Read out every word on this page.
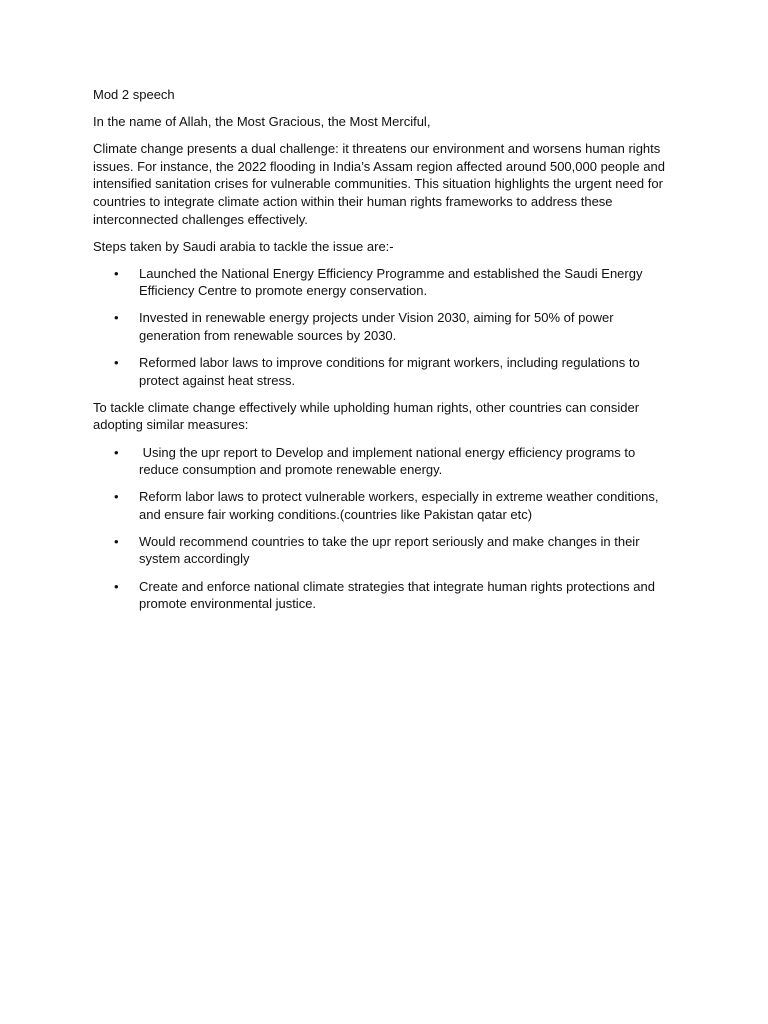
Mod 2 speech

In the name of Allah, the Most Gracious, the Most Merciful,

Climate change presents a dual challenge: it threatens our environment and worsens human rights issues. For instance, the 2022 flooding in India’s Assam region affected around 500,000 people and intensified sanitation crises for vulnerable communities. This situation highlights the urgent need for countries to integrate climate action within their human rights frameworks to address these interconnected challenges effectively.

Steps taken by Saudi arabia to tackle the issue are:-

• Launched the National Energy Efficiency Programme and established the Saudi Energy Efficiency Centre to promote energy conservation.
• Invested in renewable energy projects under Vision 2030, aiming for 50% of power generation from renewable sources by 2030.
• Reformed labor laws to improve conditions for migrant workers, including regulations to protect against heat stress.

To tackle climate change effectively while upholding human rights, other countries can consider adopting similar measures:

• Using the upr report to Develop and implement national energy efficiency programs to reduce consumption and promote renewable energy.
• Reform labor laws to protect vulnerable workers, especially in extreme weather conditions, and ensure fair working conditions.(countries like Pakistan qatar etc)
• Would recommend countries to take the upr report seriously and make changes in their system accordingly
• Create and enforce national climate strategies that integrate human rights protections and promote environmental justice.
